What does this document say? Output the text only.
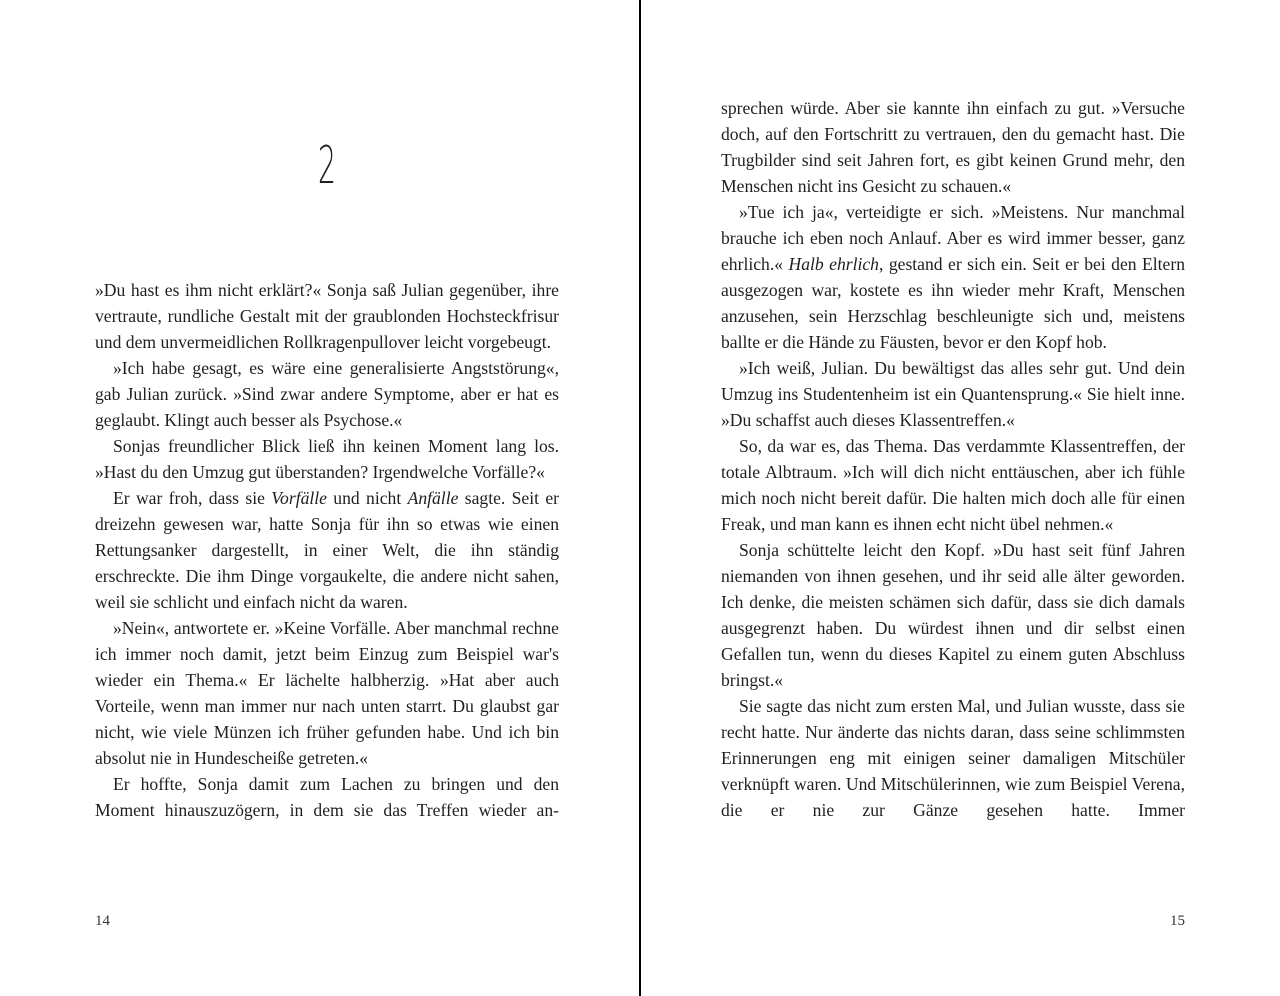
2

»Du hast es ihm nicht erklärt?« Sonja saß Julian gegenüber, ihre vertraute, rundliche Gestalt mit der graublonden Hochsteckfrisur und dem unvermeidlichen Rollkragenpullover leicht vorgebeugt.

»Ich habe gesagt, es wäre eine generalisierte Angststörung«, gab Julian zurück. »Sind zwar andere Symptome, aber er hat es geglaubt. Klingt auch besser als Psychose.«

Sonjas freundlicher Blick ließ ihn keinen Moment lang los. »Hast du den Umzug gut überstanden? Irgendwelche Vorfälle?«

Er war froh, dass sie Vorfälle und nicht Anfälle sagte. Seit er dreizehn gewesen war, hatte Sonja für ihn so etwas wie einen Rettungsanker dargestellt, in einer Welt, die ihn ständig erschreckte. Die ihm Dinge vorgaukelte, die andere nicht sahen, weil sie schlicht und einfach nicht da waren.

»Nein«, antwortete er. »Keine Vorfälle. Aber manchmal rechne ich immer noch damit, jetzt beim Einzug zum Beispiel war's wieder ein Thema.« Er lächelte halbherzig. »Hat aber auch Vorteile, wenn man immer nur nach unten starrt. Du glaubst gar nicht, wie viele Münzen ich früher gefunden habe. Und ich bin absolut nie in Hundescheiße getreten.«

Er hoffte, Sonja damit zum Lachen zu bringen und den Moment hinauszuzögern, in dem sie das Treffen wieder an-

14

sprechen würde. Aber sie kannte ihn einfach zu gut. »Versuche doch, auf den Fortschritt zu vertrauen, den du gemacht hast. Die Trugbilder sind seit Jahren fort, es gibt keinen Grund mehr, den Menschen nicht ins Gesicht zu schauen.«

»Tue ich ja«, verteidigte er sich. »Meistens. Nur manchmal brauche ich eben noch Anlauf. Aber es wird immer besser, ganz ehrlich.« Halb ehrlich, gestand er sich ein. Seit er bei den Eltern ausgezogen war, kostete es ihn wieder mehr Kraft, Menschen anzusehen, sein Herzschlag beschleunigte sich und, meistens ballte er die Hände zu Fäusten, bevor er den Kopf hob.

»Ich weiß, Julian. Du bewältigst das alles sehr gut. Und dein Umzug ins Studentenheim ist ein Quantensprung.« Sie hielt inne. »Du schaffst auch dieses Klassentreffen.«

So, da war es, das Thema. Das verdammte Klassentreffen, der totale Albtraum. »Ich will dich nicht enttäuschen, aber ich fühle mich noch nicht bereit dafür. Die halten mich doch alle für einen Freak, und man kann es ihnen echt nicht übel nehmen.«

Sonja schüttelte leicht den Kopf. »Du hast seit fünf Jahren niemanden von ihnen gesehen, und ihr seid alle älter geworden. Ich denke, die meisten schämen sich dafür, dass sie dich damals ausgegrenzt haben. Du würdest ihnen und dir selbst einen Gefallen tun, wenn du dieses Kapitel zu einem guten Abschluss bringst.«

Sie sagte das nicht zum ersten Mal, und Julian wusste, dass sie recht hatte. Nur änderte das nichts daran, dass seine schlimmsten Erinnerungen eng mit einigen seiner damaligen Mitschüler verknüpft waren. Und Mitschülerinnen, wie zum Beispiel Verena, die er nie zur Gänze gesehen hatte. Immer

15
